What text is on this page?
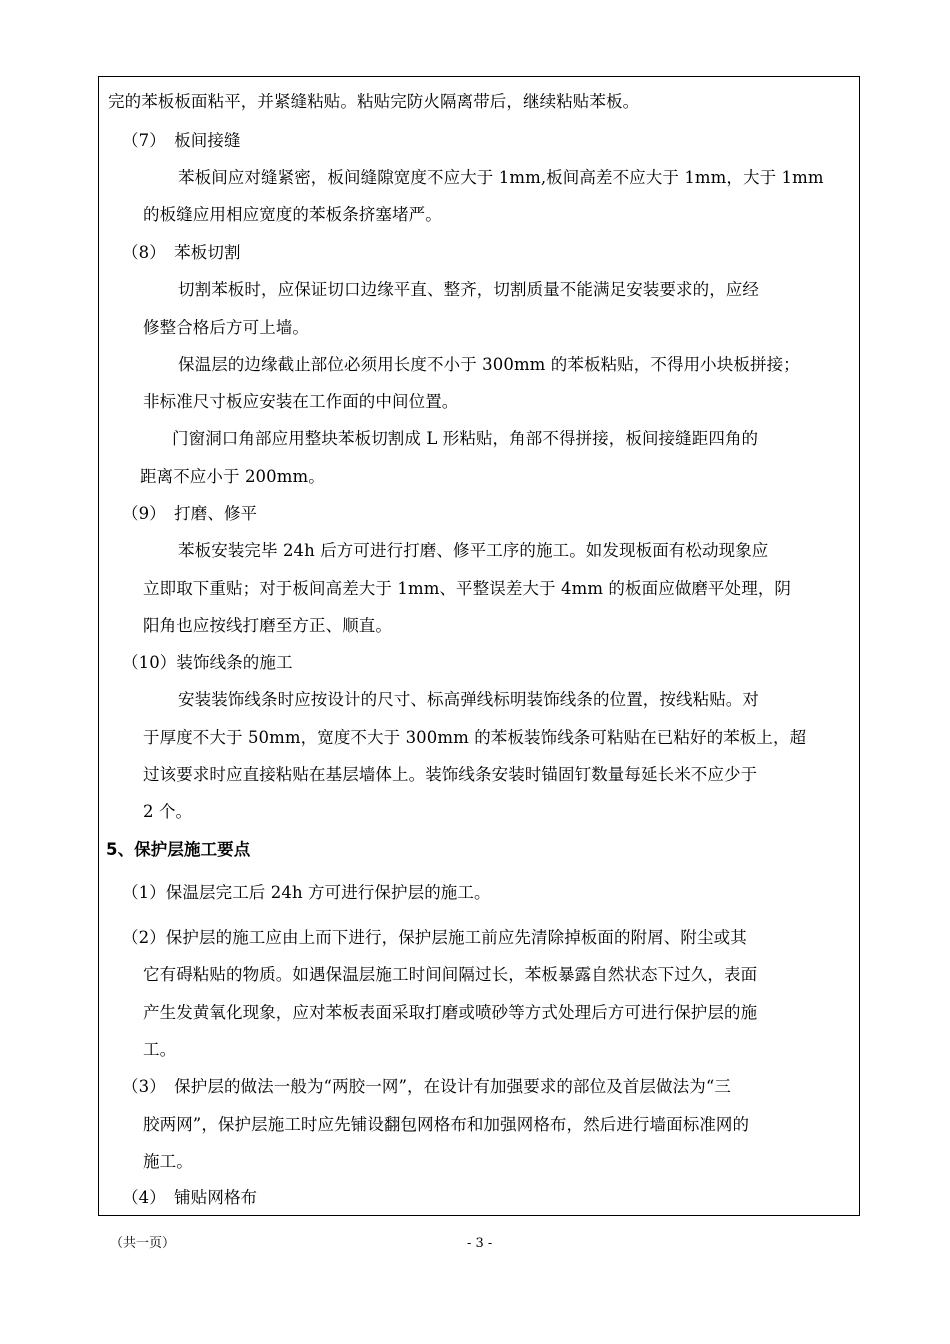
完的苯板板面粘平，并紧缝粘贴。粘贴完防火隔离带后，继续粘贴苯板。
（7）　板间接缝
苯板间应对缝紧密，板间缝隙宽度不应大于 1mm,板间高差不应大于 1mm，大于 1mm
的板缝应用相应宽度的苯板条挤塞堵严。
（8）　苯板切割
切割苯板时，应保证切口边缘平直、整齐，切割质量不能满足安装要求的，应经
修整合格后方可上墙。
保温层的边缘截止部位必须用长度不小于 300mm 的苯板粘贴，不得用小块板拼接；
非标准尺寸板应安装在工作面的中间位置。
门窗洞口角部应用整块苯板切割成 L 形粘贴，角部不得拼接，板间接缝距四角的
距离不应小于 200mm。
（9）　打磨、修平
苯板安装完毕 24h 后方可进行打磨、修平工序的施工。如发现板面有松动现象应
立即取下重贴；对于板间高差大于 1mm、平整误差大于 4mm 的板面应做磨平处理，阴
阳角也应按线打磨至方正、顺直。
（10）装饰线条的施工
安装装饰线条时应按设计的尺寸、标高弹线标明装饰线条的位置，按线粘贴。对
于厚度不大于 50mm，宽度不大于 300mm 的苯板装饰线条可粘贴在已粘好的苯板上，超
过该要求时应直接粘贴在基层墙体上。装饰线条安装时锚固钉数量每延长米不应少于
2 个。
5、保护层施工要点
（1）保温层完工后 24h 方可进行保护层的施工。
（2）保护层的施工应由上而下进行，保护层施工前应先清除掉板面的附屑、附尘或其
它有碍粘贴的物质。如遇保温层施工时间间隔过长，苯板暴露自然状态下过久，表面
产生发黄氧化现象，应对苯板表面采取打磨或喷砂等方式处理后方可进行保护层的施
工。
（3）　保护层的做法一般为“两胶一网”，在设计有加强要求的部位及首层做法为“三
胶两网”，保护层施工时应先铺设翻包网格布和加强网格布，然后进行墙面标准网的
施工。
（4）　铺贴网格布
（共一页）	- 3 -
